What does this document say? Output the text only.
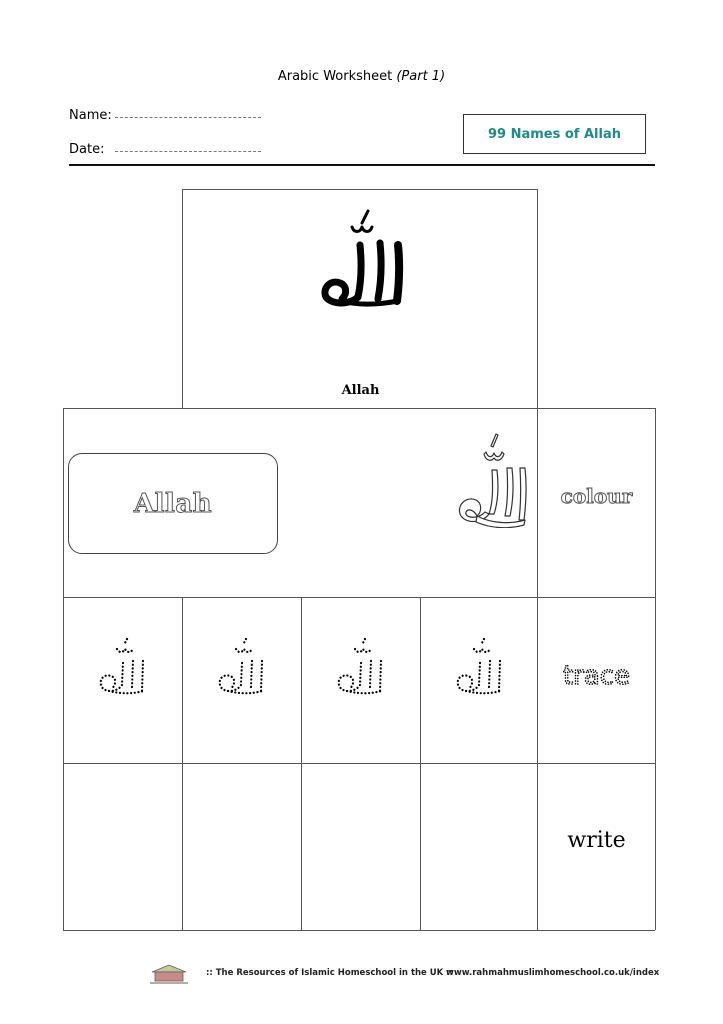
Arabic Worksheet (Part 1)
Name:
Date:
99 Names of Allah
Allah
Allah	colour
trace
write
:: The Resources of Islamic Homeschool in the UK ::
www.rahmahmuslimhomeschool.co.uk/index
